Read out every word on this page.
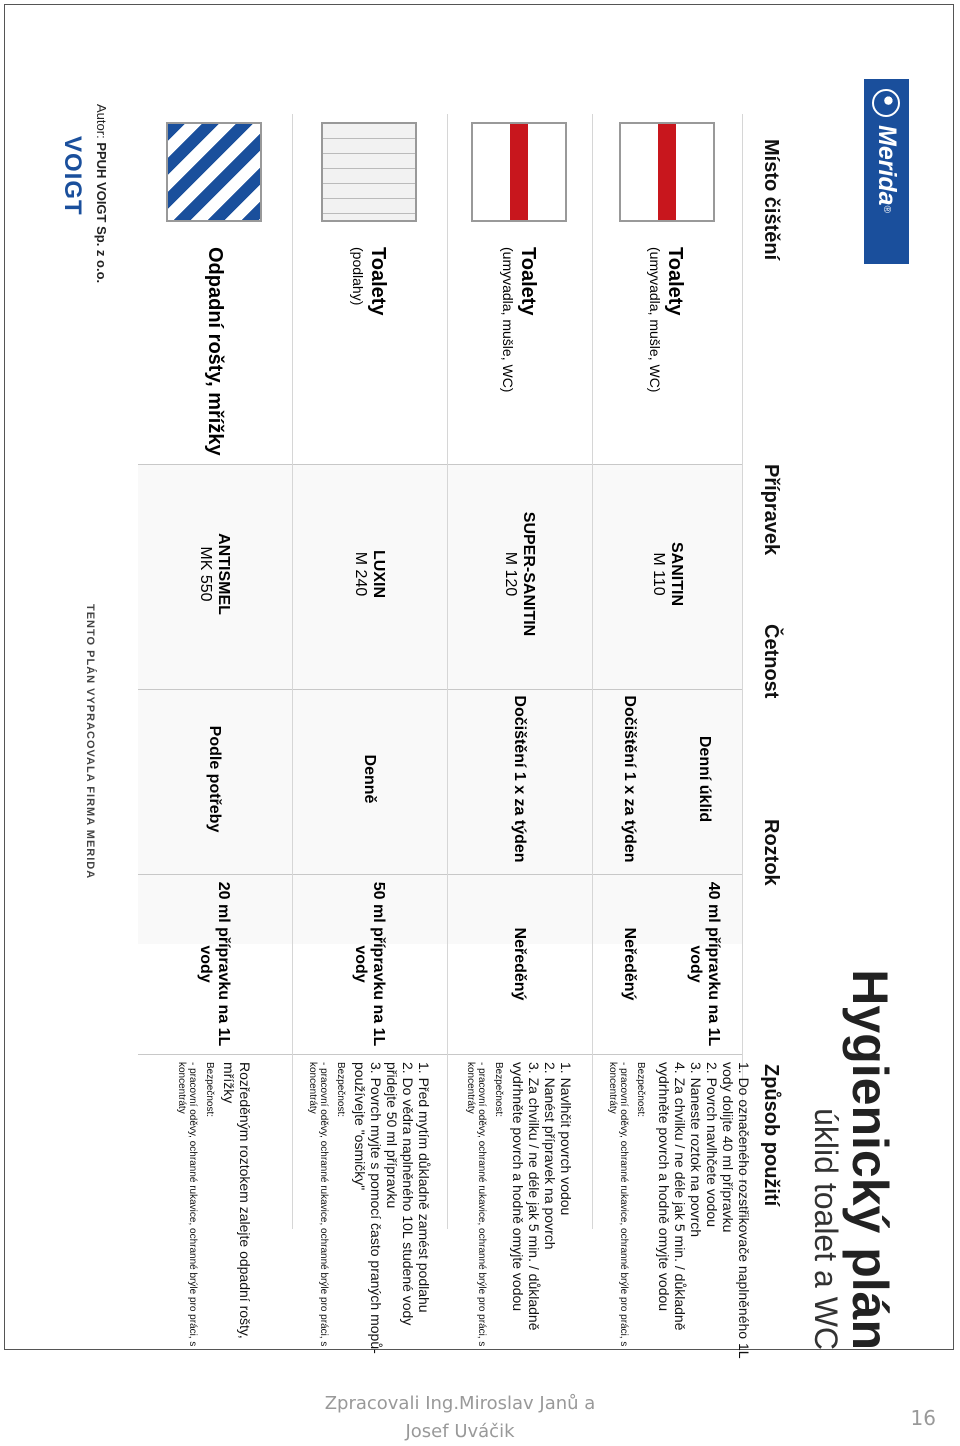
Merida
®
Hygienický plán
úklid toalet a WC
Místo čištění
Přípravek
Četnost
Roztok
Způsob použití
Toalety
(umyvadla, mušle, WC)
SANITIN
M 110
Denní úklid
40 ml přípravku na 1L vody
1. Do označeného rozstřikovače naplněného 1L vody dolijte 40 ml přípravku
2. Povrch navlhčete vodou
3. Naneste roztok na povrch
4. Za chvilku / ne déle jak 5 min. / důkladně vydrhněte povrch a hodně omyjte vodou
Dočištění 1 x za týden
Neředěný
Bezpečnost:
- pracovní oděvy, ochranné rukavice, ochranné brýle pro práci, s koncentráty
Toalety
(umyvadla, mušle, WC)
SUPER-SANITIN
M 120
Dočištění 1 x za týden
Neředěný
1. Navlhčit povrch vodou
2. Nanést přípravek na povrch
3. Za chvilku / ne déle jak 5 min. / důkladně vydrhněte povrch a hodně omyjte vodou
Bezpečnost:
- pracovní oděvy, ochranné rukavice, ochranné brýle pro práci, s koncentráty
Toalety
(podlahy)
LUXIN
M 240
Denně
50 ml přípravku na 1L vody
1. Před mytím důkladně zamést podlahu
2. Do vědra naplněného 10L studené vody přidejte 50 ml přípravku
3. Povrch myjte s pomocí často praných mopů- používejte "osmičky"
Bezpečnost:
- pracovní oděvy, ochranné rukavice, ochranné brýle pro práci, s koncentráty
Odpadní rošty, mřížky
ANTISMEL
MK 550
Podle potřeby
20 ml přípravku na 1L vody
Rozředěným roztokem zalejte odpadní rošty, mřížky
Bezpečnost:
- pracovní oděvy, ochranné rukavice, ochranné brýle pro práci, s koncentráty
Autor: PPUH VOIGT Sp. z o.o.
VOIGT
TENTO PLÁN VYPRACOVALA FIRMA MERIDA
Zpracovali Ing.Miroslav Janů a
Josef Uváčik
16
